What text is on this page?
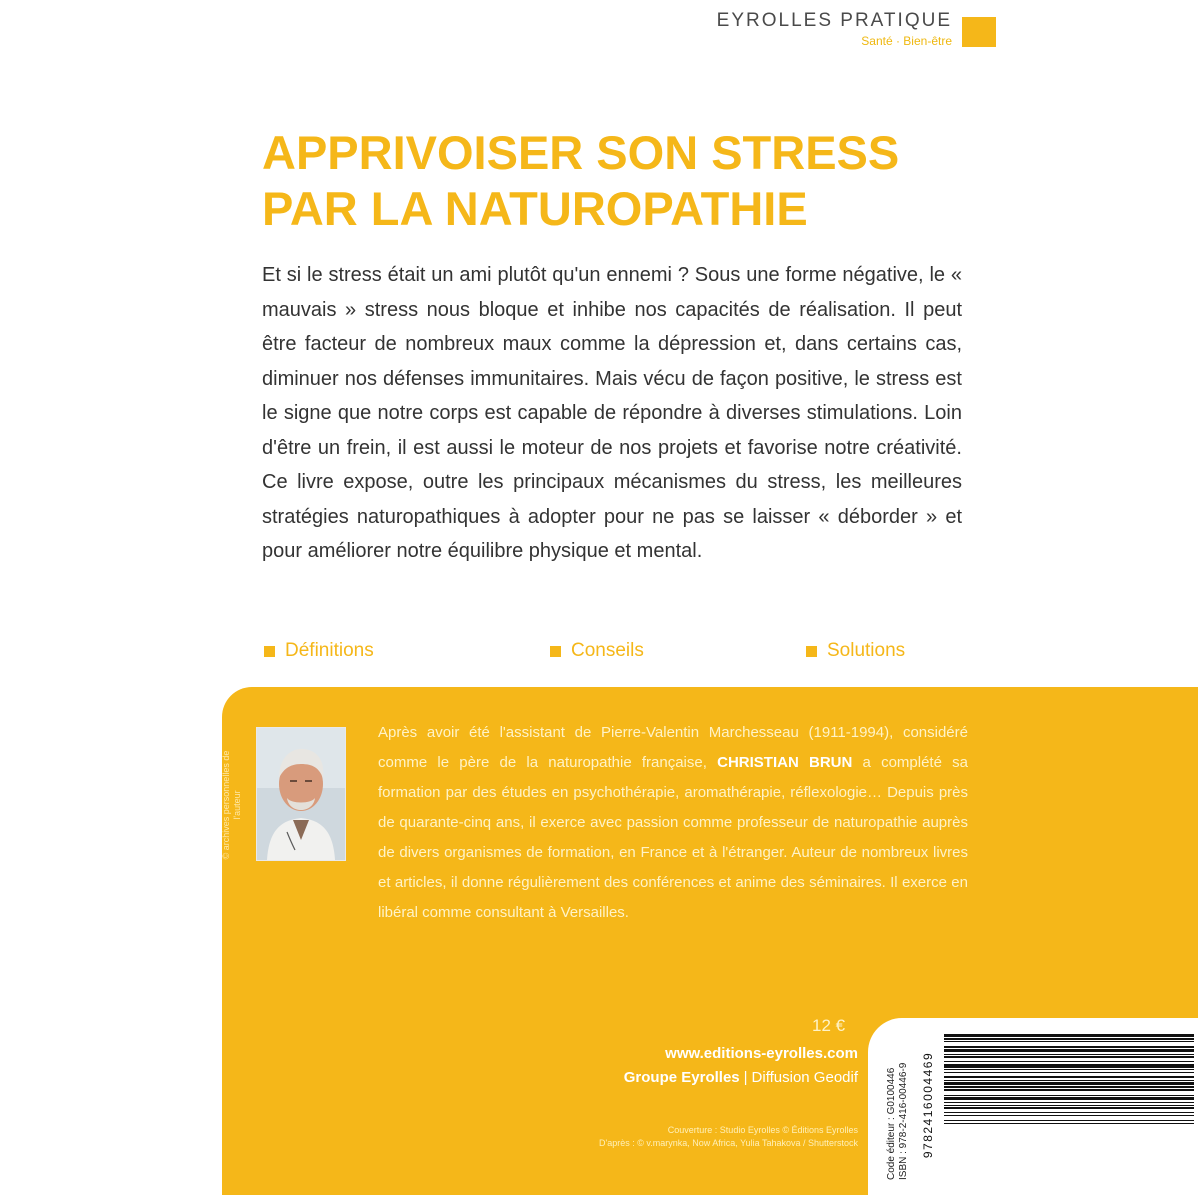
EYROLLES PRATIQUE
Santé · Bien-être
APPRIVOISER SON STRESS
PAR LA NATUROPATHIE

Et si le stress était un ami plutôt qu'un ennemi ? Sous une forme négative, le « mauvais » stress nous bloque et inhibe nos capacités de réalisation. Il peut être facteur de nombreux maux comme la dépression et, dans certains cas, diminuer nos défenses immunitaires. Mais vécu de façon positive, le stress est le signe que notre corps est capable de répondre à diverses stimulations. Loin d'être un frein, il est aussi le moteur de nos projets et favorise notre créativité. Ce livre expose, outre les principaux mécanismes du stress, les meilleures stratégies naturopathiques à adopter pour ne pas se laisser « déborder » et pour améliorer notre équilibre physique et mental.

Définitions	Conseils	Solutions
© archives personnelles de l'auteur

Après avoir été l'assistant de Pierre-Valentin Marchesseau (1911-1994), considéré comme le père de la naturopathie française, CHRISTIAN BRUN a complété sa formation par des études en psychothérapie, aromathérapie, réflexologie… Depuis près de quarante-cinq ans, il exerce avec passion comme professeur de naturopathie auprès de divers organismes de formation, en France et à l'étranger. Auteur de nombreux livres et articles, il donne régulièrement des conférences et anime des séminaires. Il exerce en libéral comme consultant à Versailles.

12 €
www.editions-eyrolles.com
Groupe Eyrolles | Diffusion Geodif
Couverture : Studio Eyrolles © Éditions Eyrolles
D'après : © v.marynka, Now Africa, Yulia Tahakova / Shutterstock	Code éditeur : G0100446 ISBN : 978-2-416-00446-9 9782416004469
